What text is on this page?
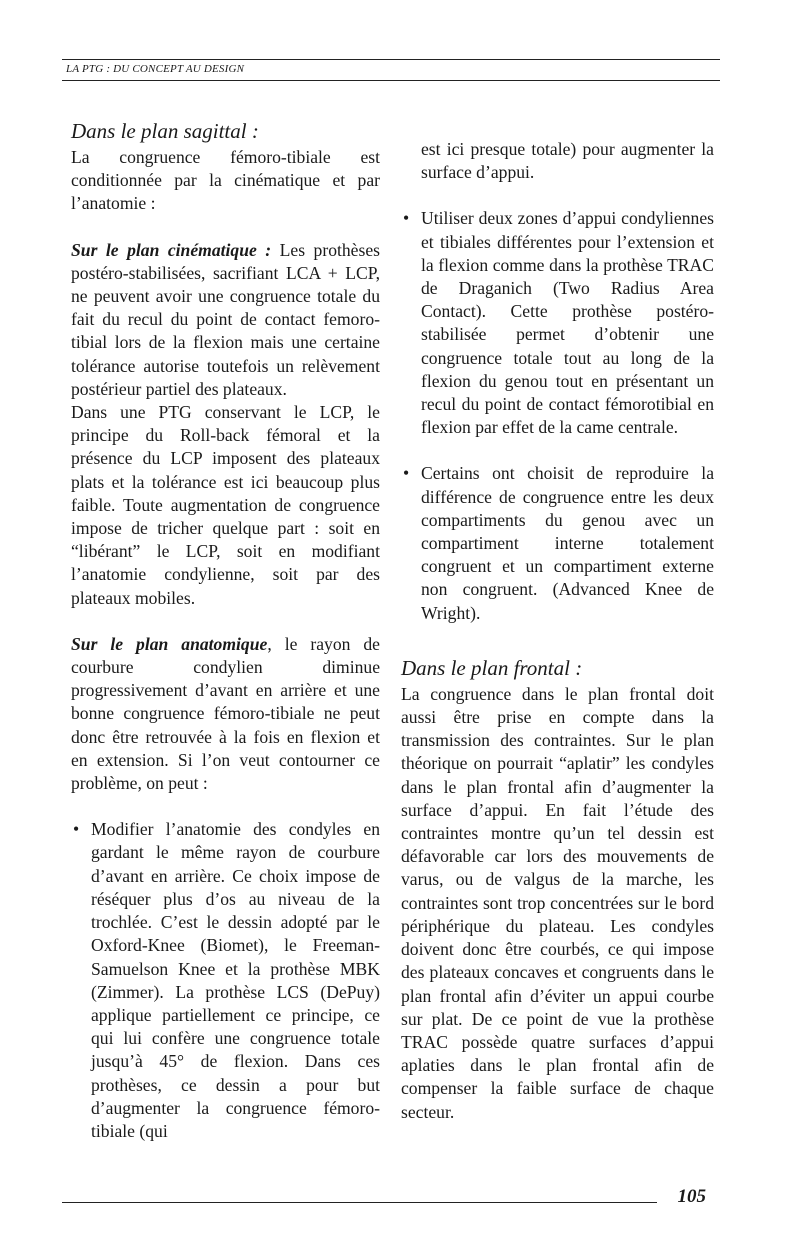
LA PTG : DU CONCEPT AU DESIGN
Dans le plan sagittal :

La congruence fémoro-tibiale est conditionnée par la cinématique et par l’anatomie :

Sur le plan cinématique : Les prothèses postéro-stabilisées, sacrifiant LCA + LCP, ne peuvent avoir une congruence totale du fait du recul du point de contact femoro-tibial lors de la flexion mais une certaine tolérance autorise toutefois un relèvement postérieur partiel des plateaux.

Dans une PTG conservant le LCP, le principe du Roll-back fémoral et la présence du LCP imposent des plateaux plats et la tolérance est ici beaucoup plus faible. Toute augmentation de congruence impose de tricher quelque part : soit en “libérant” le LCP, soit en modifiant l’anatomie condylienne, soit par des plateaux mobiles.

Sur le plan anatomique, le rayon de courbure condylien diminue progressivement d’avant en arrière et une bonne congruence fémoro-tibiale ne peut donc être retrouvée à la fois en flexion et en extension. Si l’on veut contourner ce problème, on peut :

• Modifier l’anatomie des condyles en gardant le même rayon de courbure d’avant en arrière. Ce choix impose de réséquer plus d’os au niveau de la trochlée. C’est le dessin adopté par le Oxford-Knee (Biomet), le Freeman-Samuelson Knee et la prothèse MBK (Zimmer). La prothèse LCS (DePuy) applique partiellement ce principe, ce qui lui confère une congruence totale jusqu’à 45° de flexion. Dans ces prothèses, ce dessin a pour but d’augmenter la congruence fémoro-tibiale (qui
est ici presque totale) pour augmenter la surface d’appui.
• Utiliser deux zones d’appui condyliennes et tibiales différentes pour l’extension et la flexion comme dans la prothèse TRAC de Draganich (Two Radius Area Contact). Cette prothèse postéro-stabilisée permet d’obtenir une congruence totale tout au long de la flexion du genou tout en présentant un recul du point de contact fémorotibial en flexion par effet de la came centrale.
• Certains ont choisit de reproduire la différence de congruence entre les deux compartiments du genou avec un compartiment interne totalement congruent et un compartiment externe non congruent. (Advanced Knee de Wright).
Dans le plan frontal :

La congruence dans le plan frontal doit aussi être prise en compte dans la transmission des contraintes. Sur le plan théorique on pourrait “aplatir” les condyles dans le plan frontal afin d’augmenter la surface d’appui. En fait l’étude des contraintes montre qu’un tel dessin est défavorable car lors des mouvements de varus, ou de valgus de la marche, les contraintes sont trop concentrées sur le bord périphérique du plateau. Les condyles doivent donc être courbés, ce qui impose des plateaux concaves et congruents dans le plan frontal afin d’éviter un appui courbe sur plat. De ce point de vue la prothèse TRAC possède quatre surfaces d’appui aplaties dans le plan frontal afin de compenser la faible surface de chaque secteur.

105
